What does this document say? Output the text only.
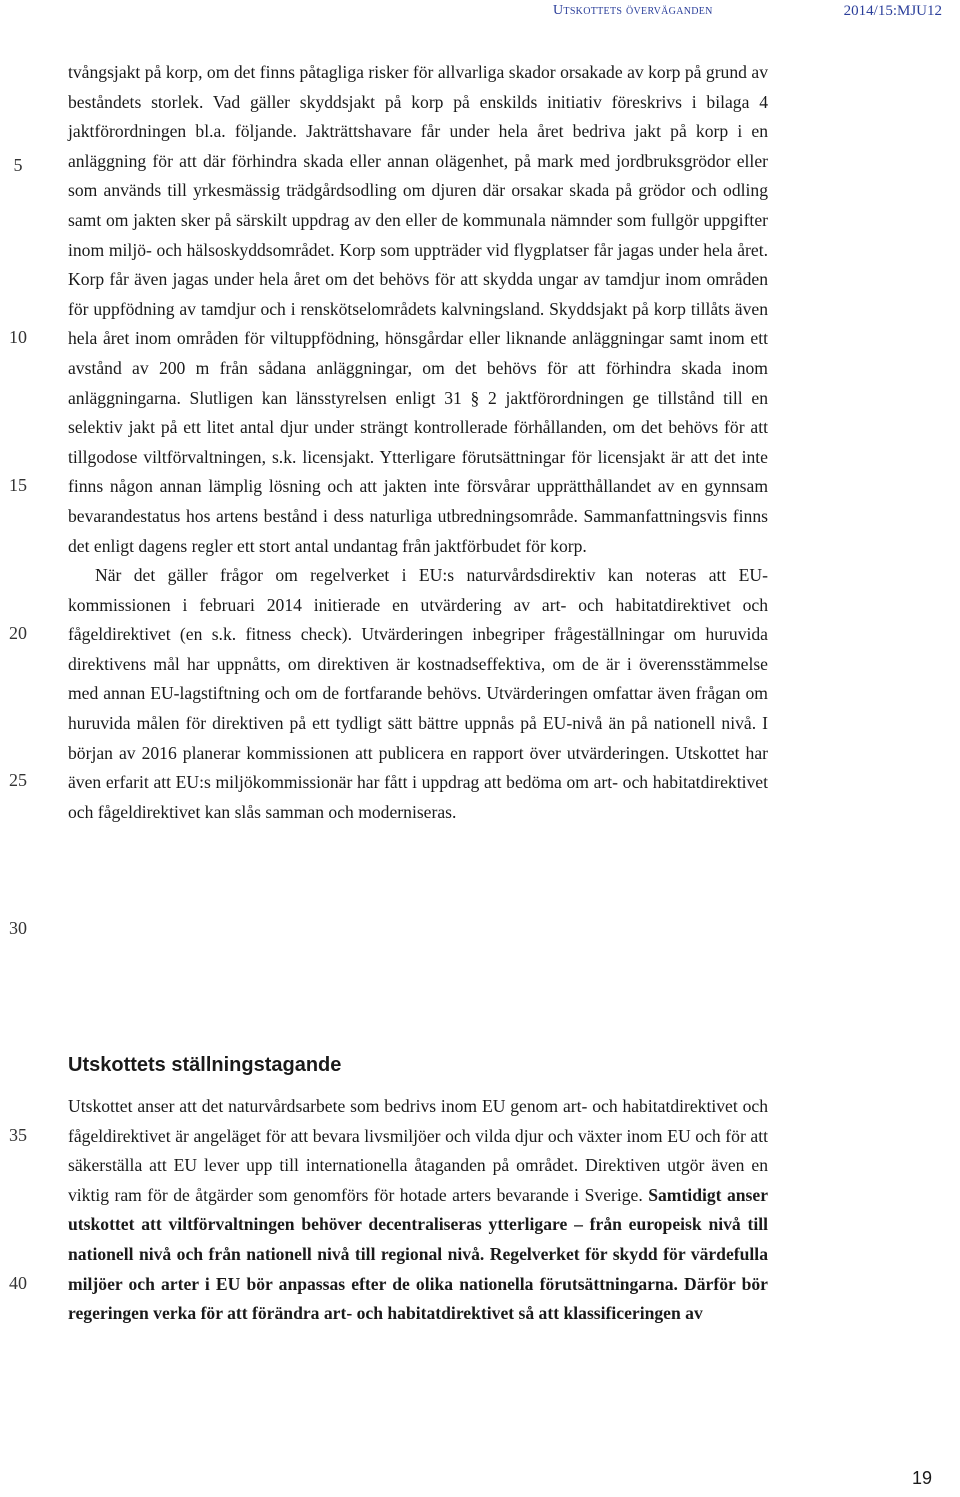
Utskottets överväganden	2014/15:MJU12
5
10
15
20
25
30
35
40

tvångsjakt på korp, om det finns påtagliga risker för allvarliga skador orsakade av korp på grund av beståndets storlek. Vad gäller skyddsjakt på korp på enskilds initiativ föreskrivs i bilaga 4 jaktförordningen bl.a. följande. Jakträttshavare får under hela året bedriva jakt på korp i en anläggning för att där förhindra skada eller annan olägenhet, på mark med jordbruksgrödor eller som används till yrkesmässig trädgårdsodling om djuren där orsakar skada på grödor och odling samt om jakten sker på särskilt uppdrag av den eller de kommunala nämnder som fullgör uppgifter inom miljö- och hälsoskyddsområdet. Korp som uppträder vid flygplatser får jagas under hela året. Korp får även jagas under hela året om det behövs för att skydda ungar av tamdjur inom områden för uppfödning av tamdjur och i renskötselområdets kalvningsland. Skyddsjakt på korp tillåts även hela året inom områden för viltuppfödning, hönsgårdar eller liknande anläggningar samt inom ett avstånd av 200 m från sådana anläggningar, om det behövs för att förhindra skada inom anläggningarna. Slutligen kan länsstyrelsen enligt 31 § 2 jaktförordningen ge tillstånd till en selektiv jakt på ett litet antal djur under strängt kontrollerade förhållanden, om det behövs för att tillgodose viltförvaltningen, s.k. licensjakt. Ytterligare förutsättningar för licensjakt är att det inte finns någon annan lämplig lösning och att jakten inte försvårar upprätthållandet av en gynnsam bevarandestatus hos artens bestånd i dess naturliga utbredningsområde. Sammanfattningsvis finns det enligt dagens regler ett stort antal undantag från jaktförbudet för korp.

När det gäller frågor om regelverket i EU:s naturvårdsdirektiv kan noteras att EU-kommissionen i februari 2014 initierade en utvärdering av art- och habitatdirektivet och fågeldirektivet (en s.k. fitness check). Utvärderingen inbegriper frågeställningar om huruvida direktivens mål har uppnåtts, om direktiven är kostnadseffektiva, om de är i överensstämmelse med annan EU-lagstiftning och om de fortfarande behövs. Utvärderingen omfattar även frågan om huruvida målen för direktiven på ett tydligt sätt bättre uppnås på EU-nivå än på nationell nivå. I början av 2016 planerar kommissionen att publicera en rapport över utvärderingen. Utskottet har även erfarit att EU:s miljökommissionär har fått i uppdrag att bedöma om art- och habitatdirektivet och fågeldirektivet kan slås samman och moderniseras.

Utskottets ställningstagande

Utskottet anser att det naturvårdsarbete som bedrivs inom EU genom art- och habitatdirektivet och fågeldirektivet är angeläget för att bevara livsmiljöer och vilda djur och växter inom EU och för att säkerställa att EU lever upp till internationella åtaganden på området. Direktiven utgör även en viktig ram för de åtgärder som genomförs för hotade arters bevarande i Sverige. Samtidigt anser utskottet att viltförvaltningen behöver decentraliseras ytterligare – från europeisk nivå till nationell nivå och från nationell nivå till regional nivå. Regelverket för skydd för värdefulla miljöer och arter i EU bör anpassas efter de olika nationella förutsättningarna. Därför bör regeringen verka för att förändra art- och habitatdirektivet så att klassificeringen av

19
